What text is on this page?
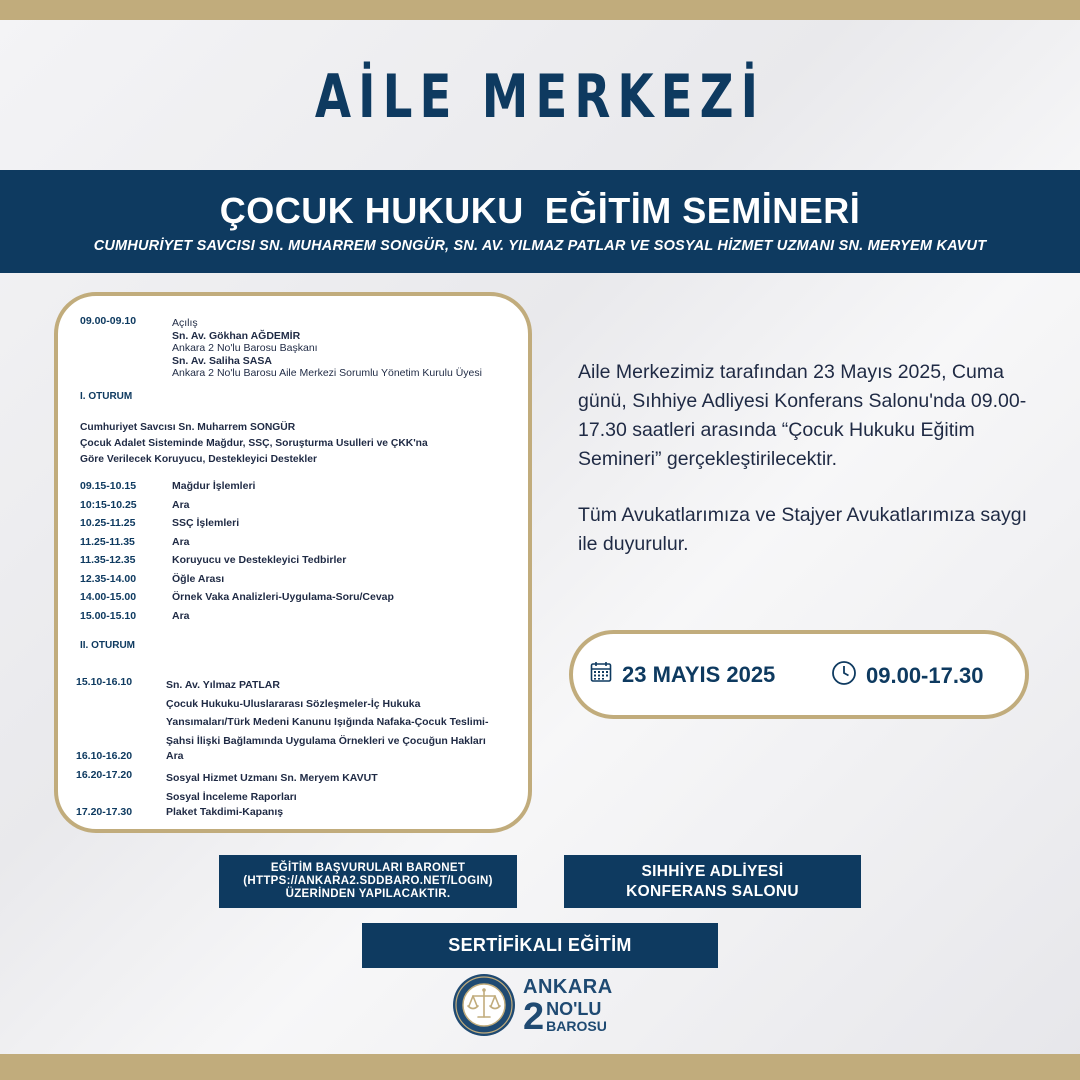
AİLE MERKEZİ
ÇOCUK HUKUKU  EĞİTİM SEMİNERİ
CUMHURİYET SAVCISI SN. MUHARREM SONGÜR, SN. AV. YILMAZ PATLAR VE SOSYAL HİZMET UZMANI SN. MERYEM KAVUT
09.00-09.10	Açılış
Sn. Av. Gökhan AĞDEMİR
Ankara 2 No'lu Barosu Başkanı
Sn. Av. Saliha SASA
Ankara 2 No'lu Barosu Aile Merkezi Sorumlu Yönetim Kurulu Üyesi
I. OTURUM
Cumhuriyet Savcısı Sn. Muharrem SONGÜR
Çocuk Adalet Sisteminde Mağdur, SSÇ, Soruşturma Usulleri ve ÇKK'na
Göre Verilecek Koruyucu, Destekleyici Destekler
09.15-10.15	Mağdur İşlemleri
10:15-10.25	Ara
10.25-11.25	SSÇ İşlemleri
11.25-11.35	Ara
11.35-12.35	Koruyucu ve Destekleyici Tedbirler
12.35-14.00	Öğle Arası
14.00-15.00	Örnek Vaka Analizleri-Uygulama-Soru/Cevap
15.00-15.10	Ara
II. OTURUM
15.10-16.10	Sn. Av. Yılmaz PATLAR
Çocuk Hukuku-Uluslararası Sözleşmeler-İç Hukuka
Yansımaları/Türk Medeni Kanunu Işığında Nafaka-Çocuk Teslimi-
Şahsi İlişki Bağlamında Uygulama Örnekleri ve Çocuğun Hakları
16.10-16.20	Ara
16.20-17.20	Sosyal Hizmet Uzmanı Sn. Meryem KAVUT
Sosyal İnceleme Raporları
17.20-17.30	Plaket Takdimi-Kapanış

Aile Merkezimiz tarafından 23 Mayıs 2025, Cuma günü, Sıhhiye Adliyesi Konferans Salonu'nda 09.00-17.30 saatleri arasında “Çocuk Hukuku Eğitim Semineri” gerçekleştirilecektir.

Tüm Avukatlarımıza ve Stajyer Avukatlarımıza saygı ile duyurulur.

23 MAYIS 2025	09.00-17.30
EĞİTİM BAŞVURULARI BARONET
(HTTPS://ANKARA2.SDDBARO.NET/LOGIN)
ÜZERİNDEN YAPILACAKTIR.
SIHHİYE ADLİYESİ
KONFERANS SALONU
SERTİFİKALI EĞİTİM
ANKARA
2 NO'LU
BAROSU
